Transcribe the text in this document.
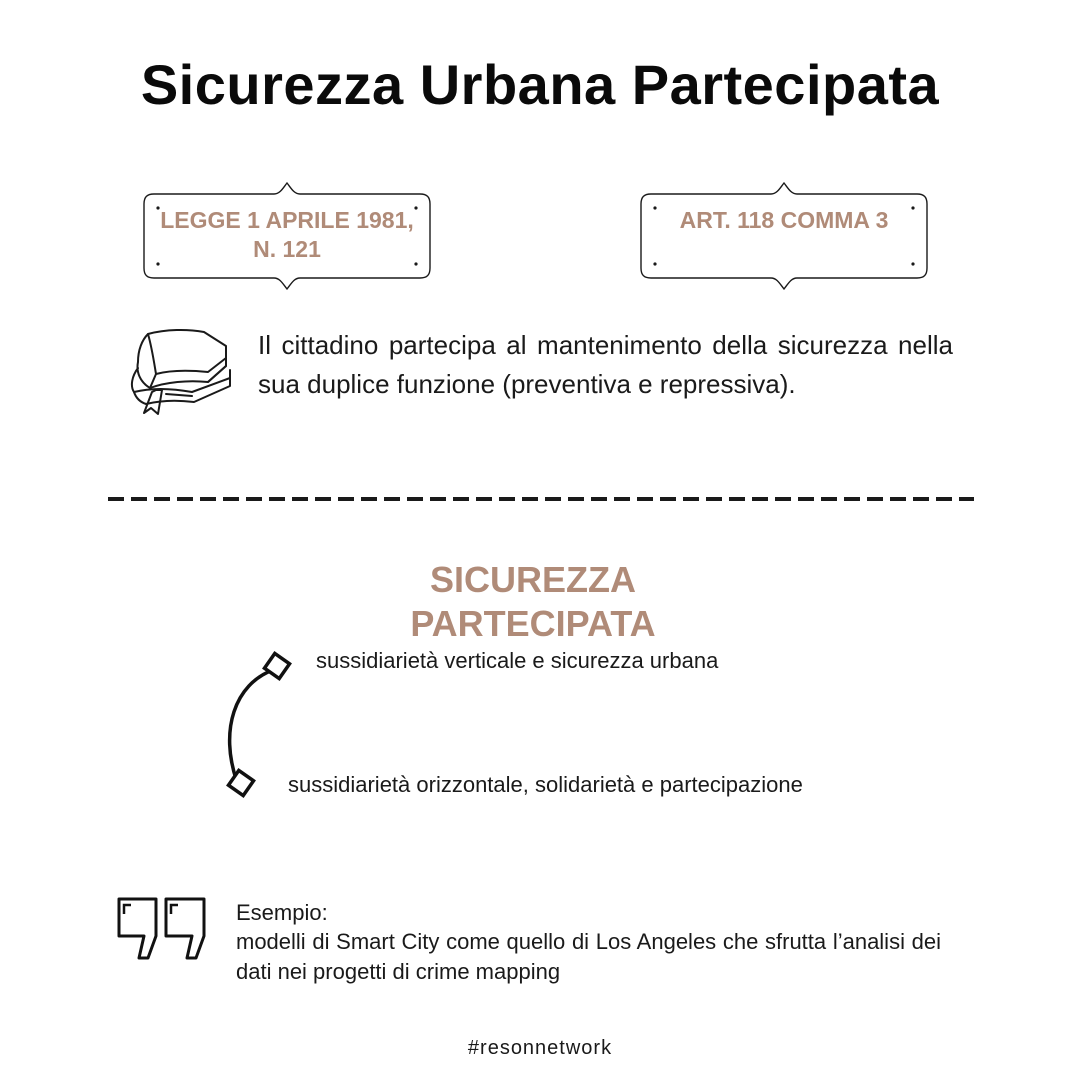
Sicurezza Urbana Partecipata
LEGGE 1 APRILE 1981, N. 121
ART. 118 COMMA 3
Il cittadino partecipa al mantenimento della sicurezza nella sua duplice funzione (preventiva e repressiva).
SICUREZZA PARTECIPATA
sussidiarietà verticale e sicurezza urbana
sussidiarietà orizzontale, solidarietà e partecipazione
Esempio:
modelli di Smart City come quello di Los Angeles che sfrutta l’analisi dei dati nei progetti di crime mapping
#resonnetwork
